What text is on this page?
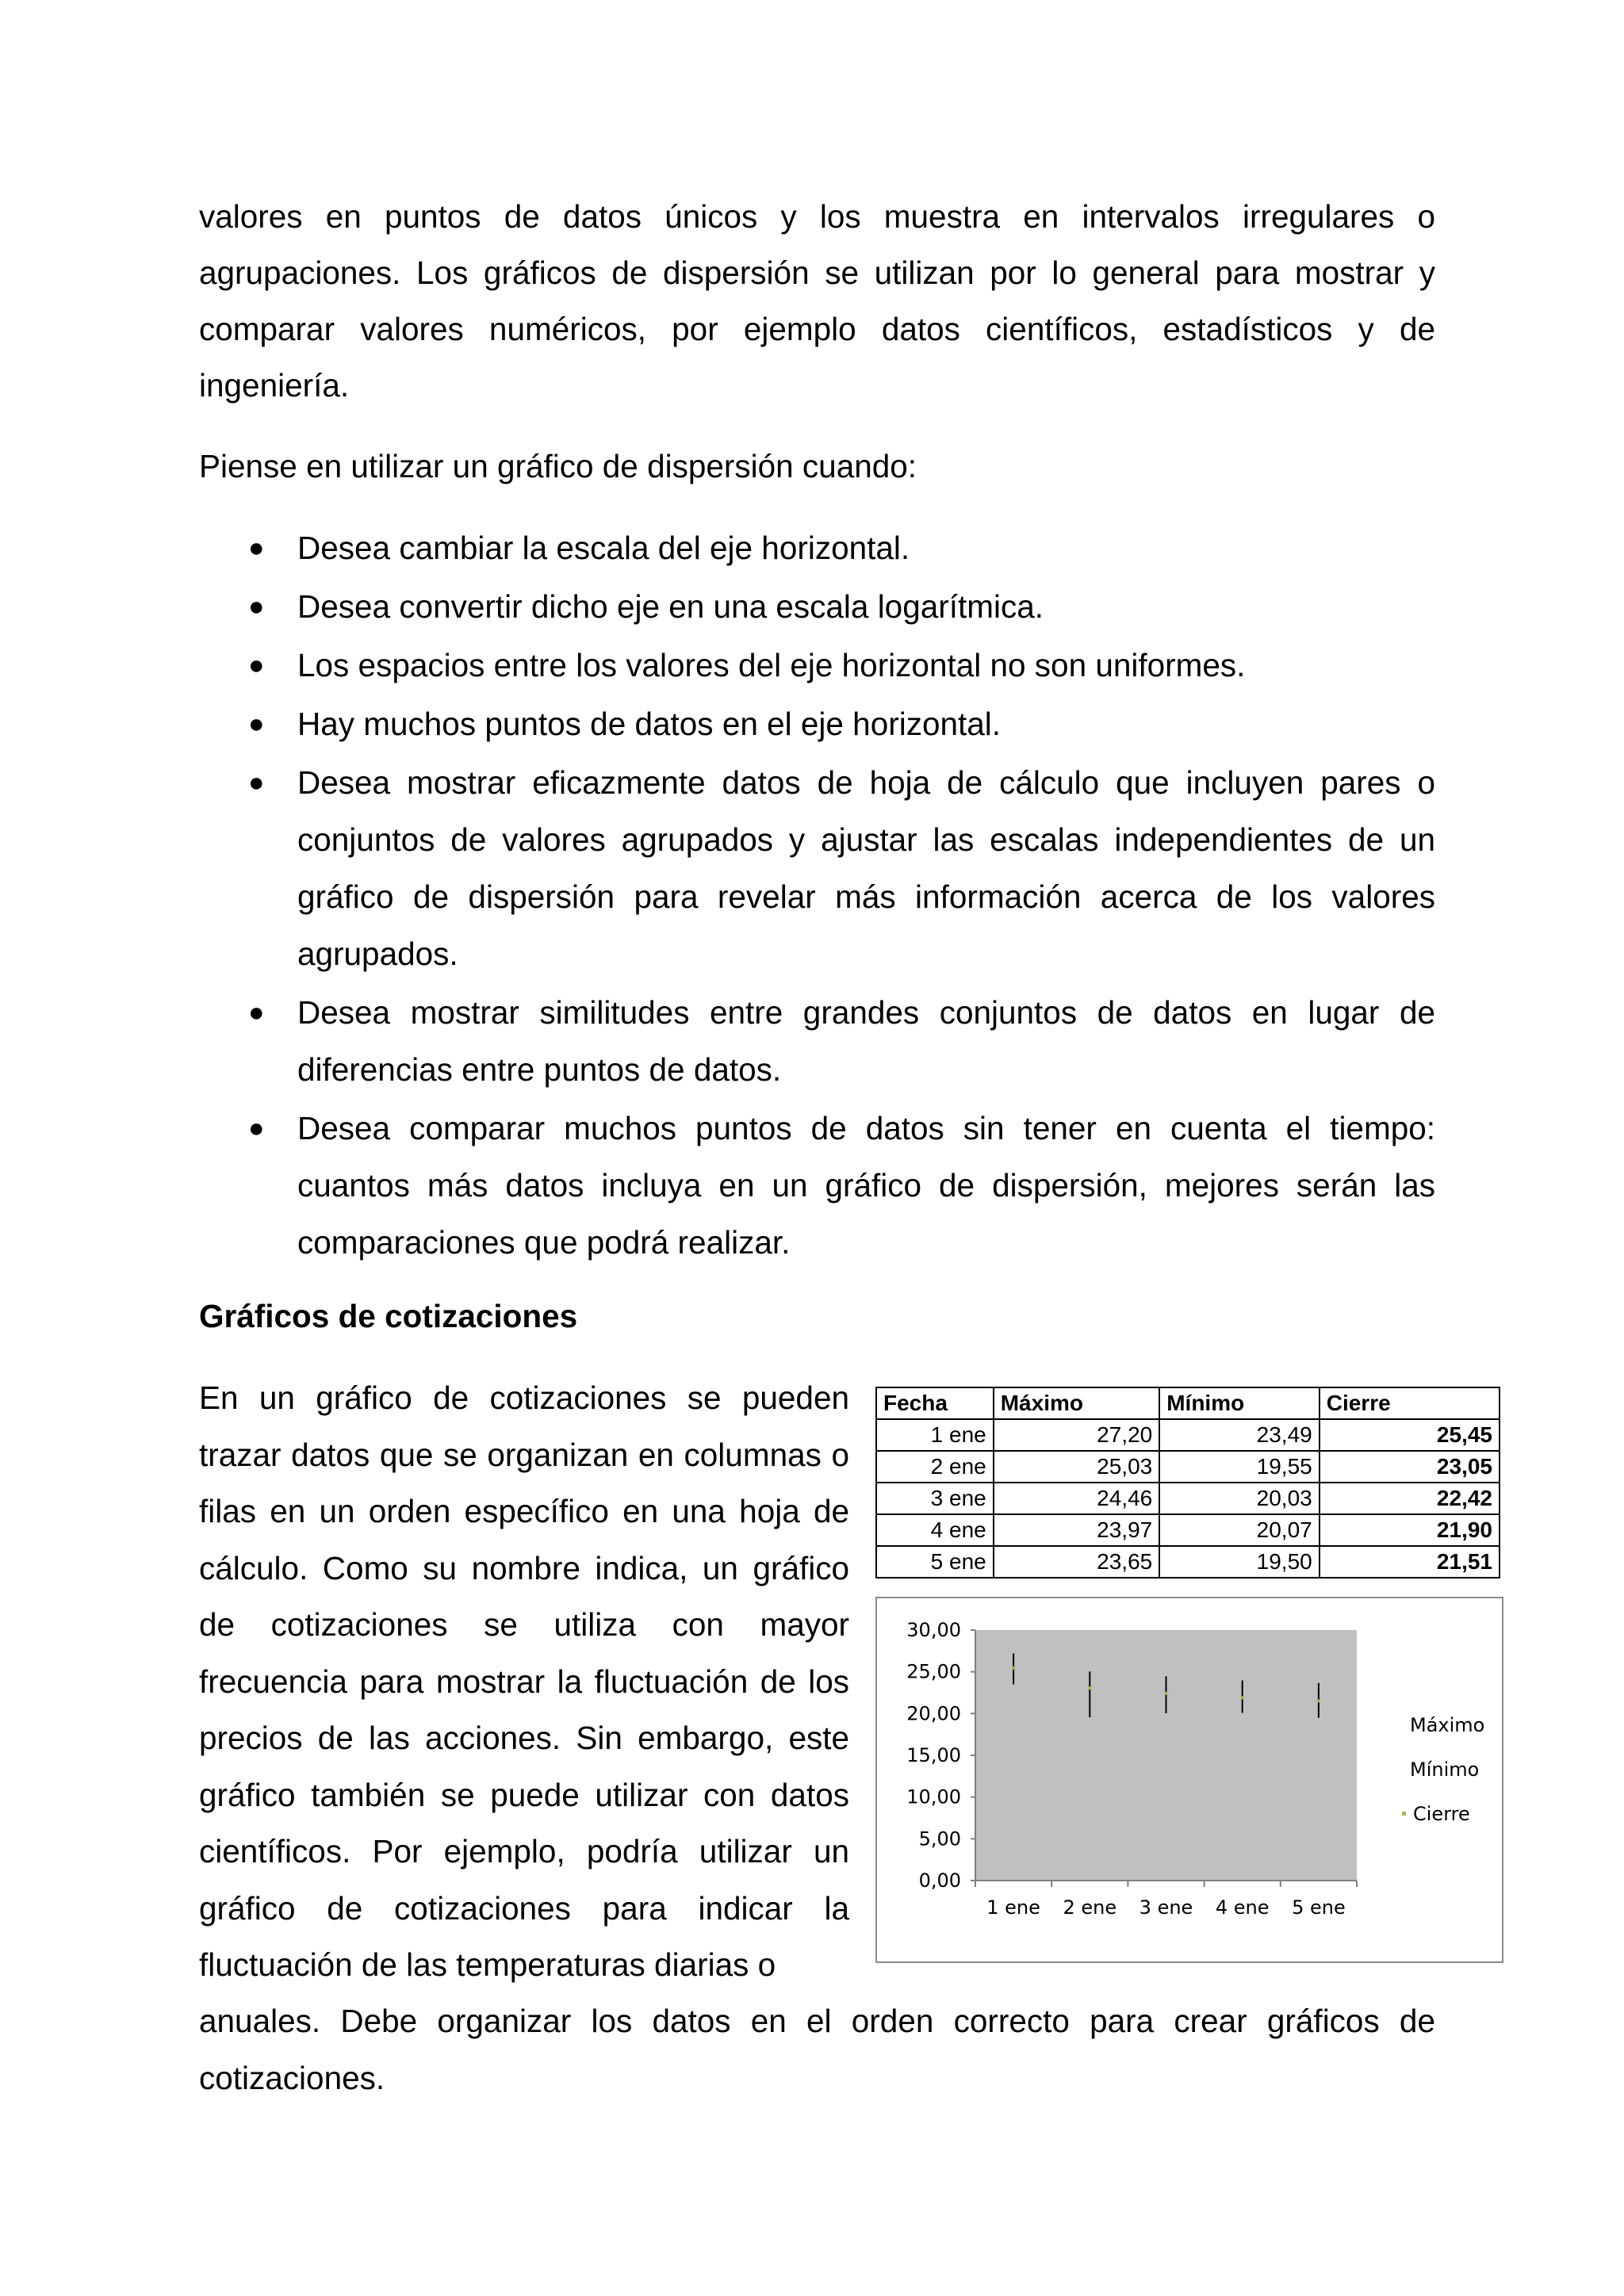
valores en puntos de datos únicos y los muestra en intervalos irregulares o agrupaciones. Los gráficos de dispersión se utilizan por lo general para mostrar y comparar valores numéricos, por ejemplo datos científicos, estadísticos y de ingeniería.

Piense en utilizar un gráfico de dispersión cuando:

● Desea cambiar la escala del eje horizontal.
● Desea convertir dicho eje en una escala logarítmica.
● Los espacios entre los valores del eje horizontal no son uniformes.
● Hay muchos puntos de datos en el eje horizontal.
● Desea mostrar eficazmente datos de hoja de cálculo que incluyen pares o conjuntos de valores agrupados y ajustar las escalas independientes de un gráfico de dispersión para revelar más información acerca de los valores agrupados.
● Desea mostrar similitudes entre grandes conjuntos de datos en lugar de diferencias entre puntos de datos.
● Desea comparar muchos puntos de datos sin tener en cuenta el tiempo: cuantos más datos incluya en un gráfico de dispersión, mejores serán las comparaciones que podrá realizar.
Gráficos de cotizaciones

En un gráfico de cotizaciones se pueden trazar datos que se organizan en columnas o filas en un orden específico en una hoja de cálculo. Como su nombre indica, un gráfico de cotizaciones se utiliza con mayor frecuencia para mostrar la fluctuación de los precios de las acciones. Sin embargo, este gráfico también se puede utilizar con datos científicos. Por ejemplo, podría utilizar un gráfico de cotizaciones para indicar la fluctuación de las temperaturas diarias o

anuales. Debe organizar los datos en el orden correcto para crear gráficos de cotizaciones.

Fecha	Máximo	Mínimo	Cierre
1 ene	27,20	23,49	25,45
2 ene	25,03	19,55	23,05
3 ene	24,46	20,03	22,42
4 ene	23,97	20,07	21,90
5 ene	23,65	19,50	21,51
0,00
5,00
10,00
15,00
20,00
25,00
30,00
1 ene 2 ene 3 ene 4 ene 5 ene
Máximo
Mínimo
Cierre
